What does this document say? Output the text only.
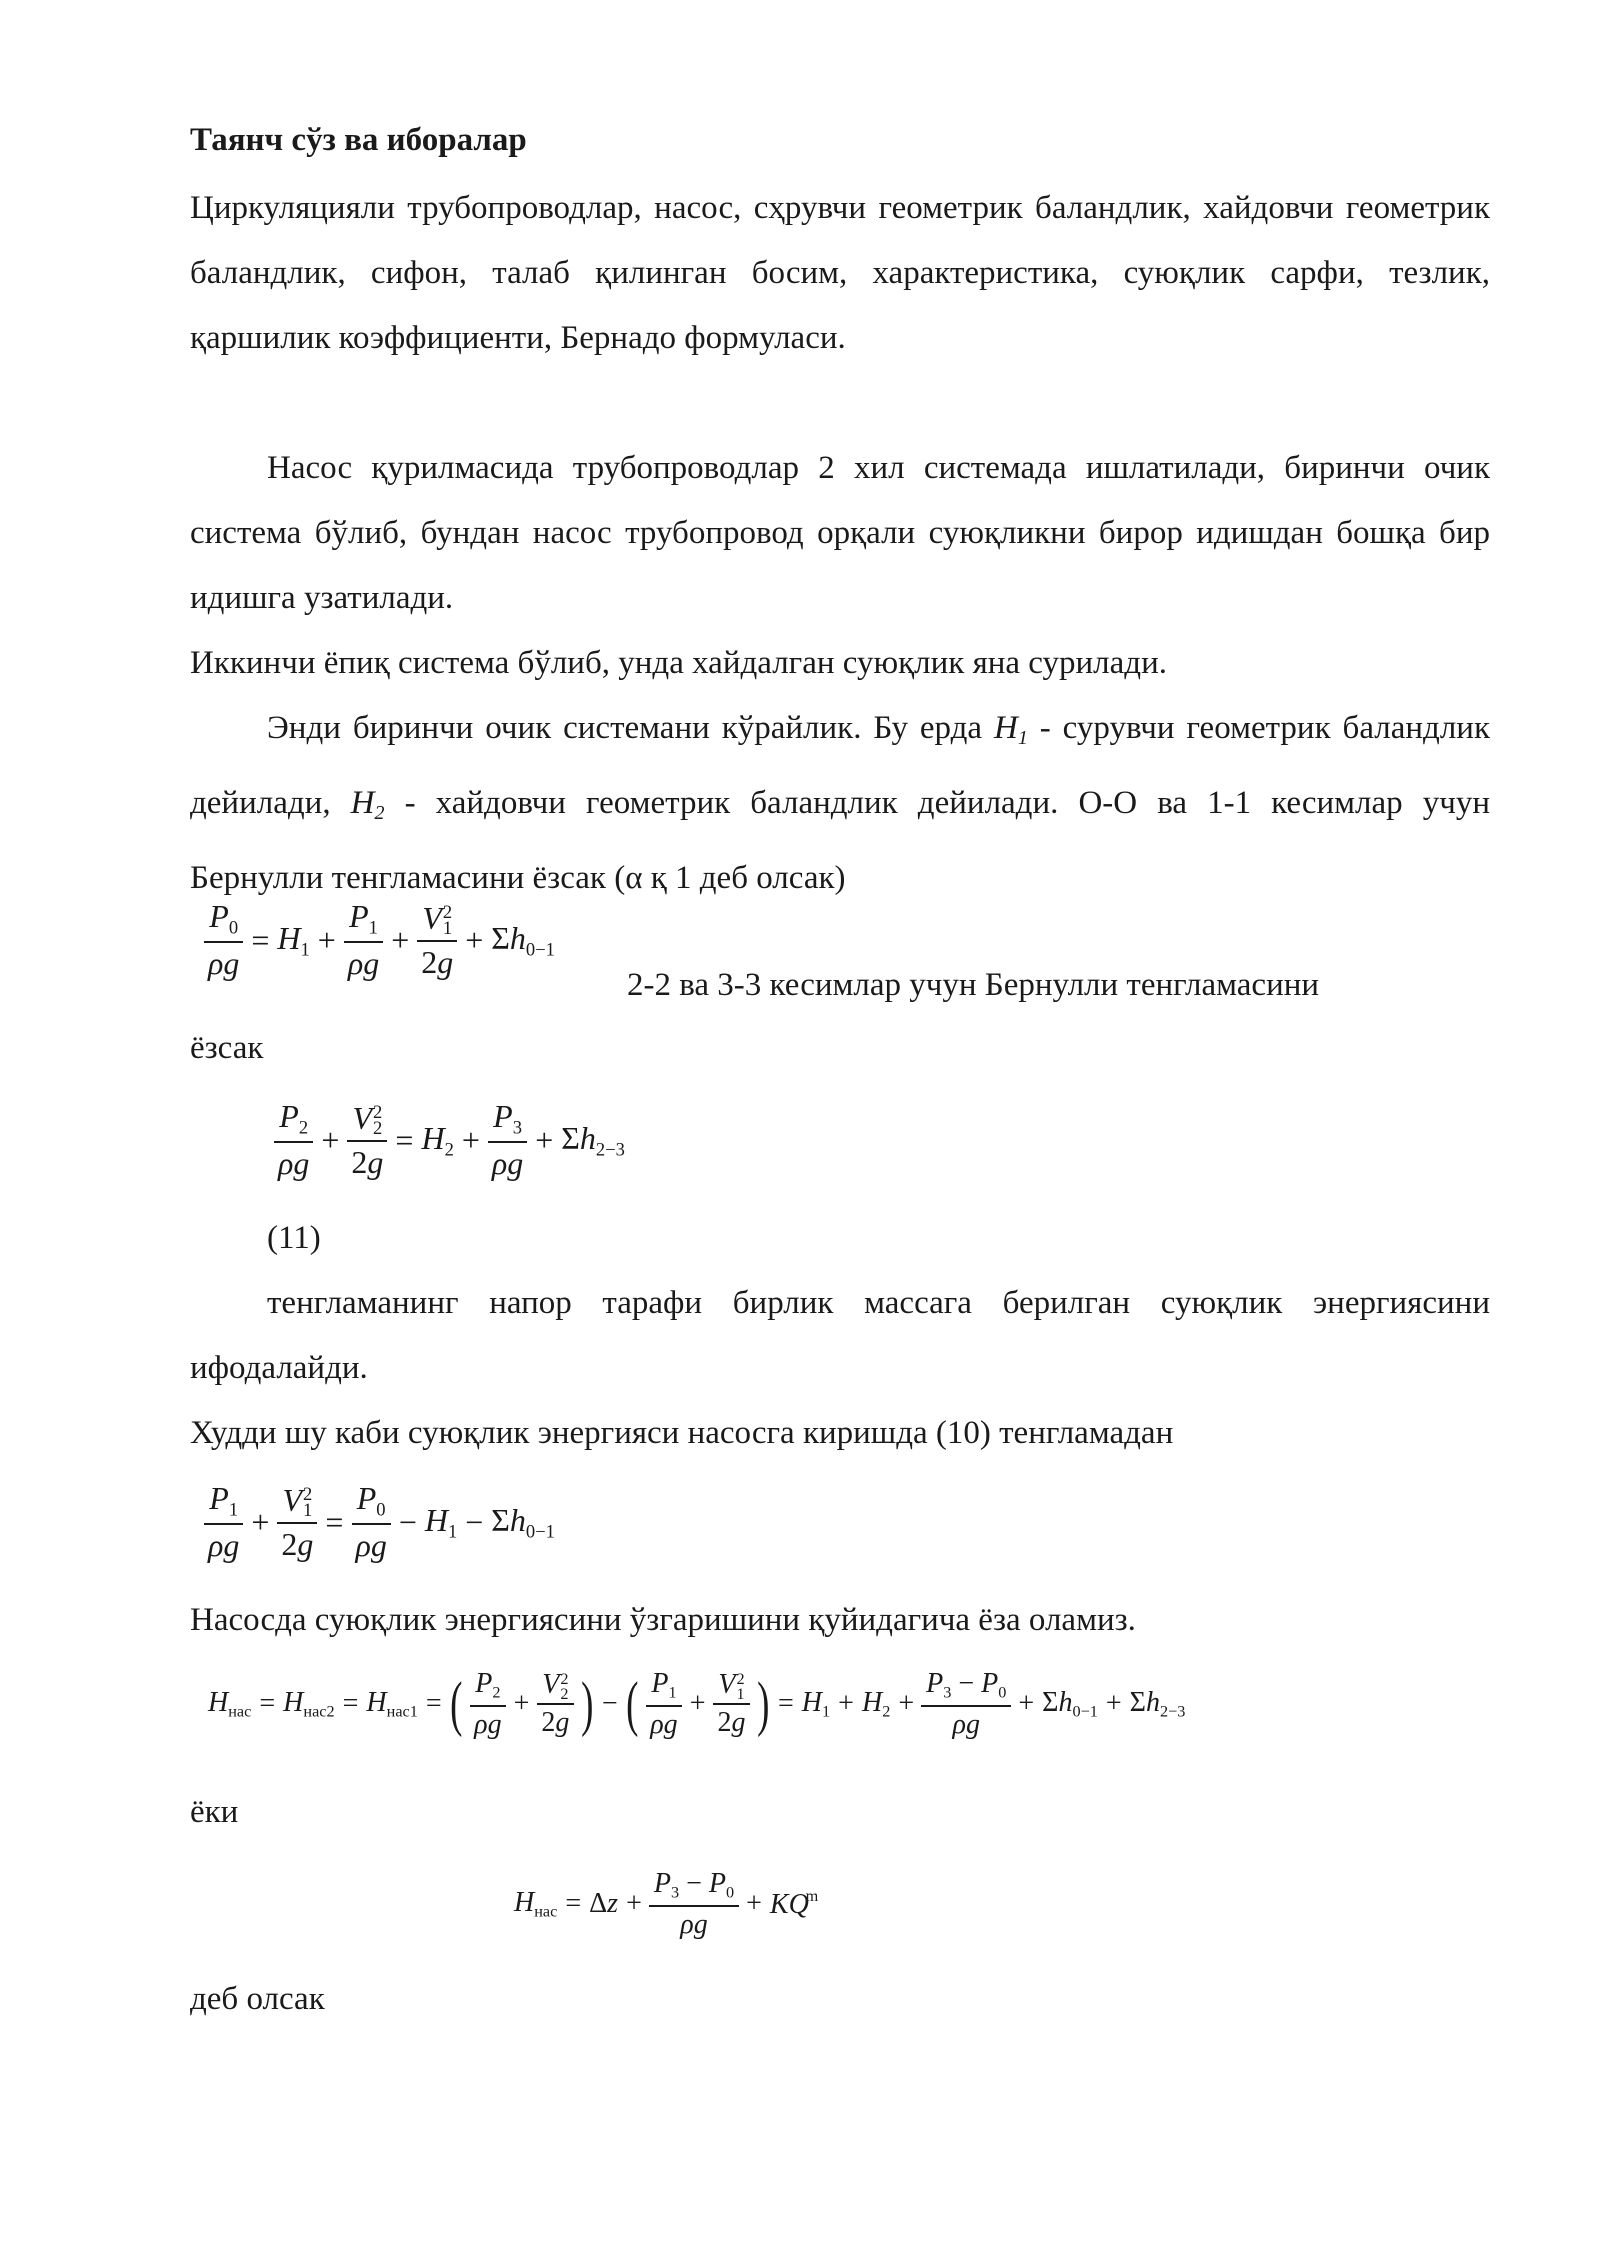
Таянч сўз ва иборалар

Циркуляцияли трубопроводлар, насос, сҳрувчи геометрик баландлик, хайдовчи геометрик баландлик, сифон, талаб қилинган босим, характеристика, суюқлик сарфи, тезлик, қаршилик коэффициенти, Бернадо формуласи.

Насос қурилмасида трубопроводлар 2 хил системада ишлатилади, биринчи очик система бўлиб, бундан насос трубопровод орқали суюқликни бирор идишдан бошқа бир идишга узатилади.

Иккинчи ёпиқ система бўлиб, унда хайдалган суюқлик яна сурилади.

Энди биринчи очик системани кўрайлик. Бу ерда $H_1$ - сурувчи геометрик баландлик дейилади, $H_2$ - хайдовчи геометрик баландлик дейилади. О-О ва 1-1 кесимлар учун Бернулли тенгламасини ёзсак (α қ 1 деб олсак)

$\frac{P_0}{\rho g} = H_1 + \frac{P_1}{\rho g} + V$ 2
1
$2g + \Sigma h_{0-1}$

2-2 ва 3-3 кесимлар учун Бернулли тенгламасини

ёзсак

$\frac{P_2}{\rho g} + V$ 2
2
$2g = H_2 + \frac{P_3}{\rho g} + \Sigma h_{2-3}$

(11)

тенгламанинг напор тарафи бирлик массага берилган суюқлик энергиясини ифодалайди.

Худди шу каби суюқлик энергияси насосга киришда (10) тенгламадан

$\frac{P_1}{\rho g} + V$ 2
1
$2g = \frac{P_0}{\rho g} - H_1 - \Sigma h_{0-1}$

Насосда суюқлик энергиясини ўзгаришини қуйидагича ёза оламиз.

$H_{нас} = H_{нас2} = H_{нас1}$ = ( $\frac{P_2}{\rho g} + V$ 2
2
2g ) − ( $\frac{P_1}{\rho g} + V$ 2
1
2g ) = $H_1 + H_2 + \frac{P_3 - P_0}{\rho g} + \Sigma h_{0-1} + \Sigma h_{2-3}$

ёки

$H_{нас} = \Delta z + \frac{P_3 - P_0}{\rho g} + KQ^m$

деб олсак
